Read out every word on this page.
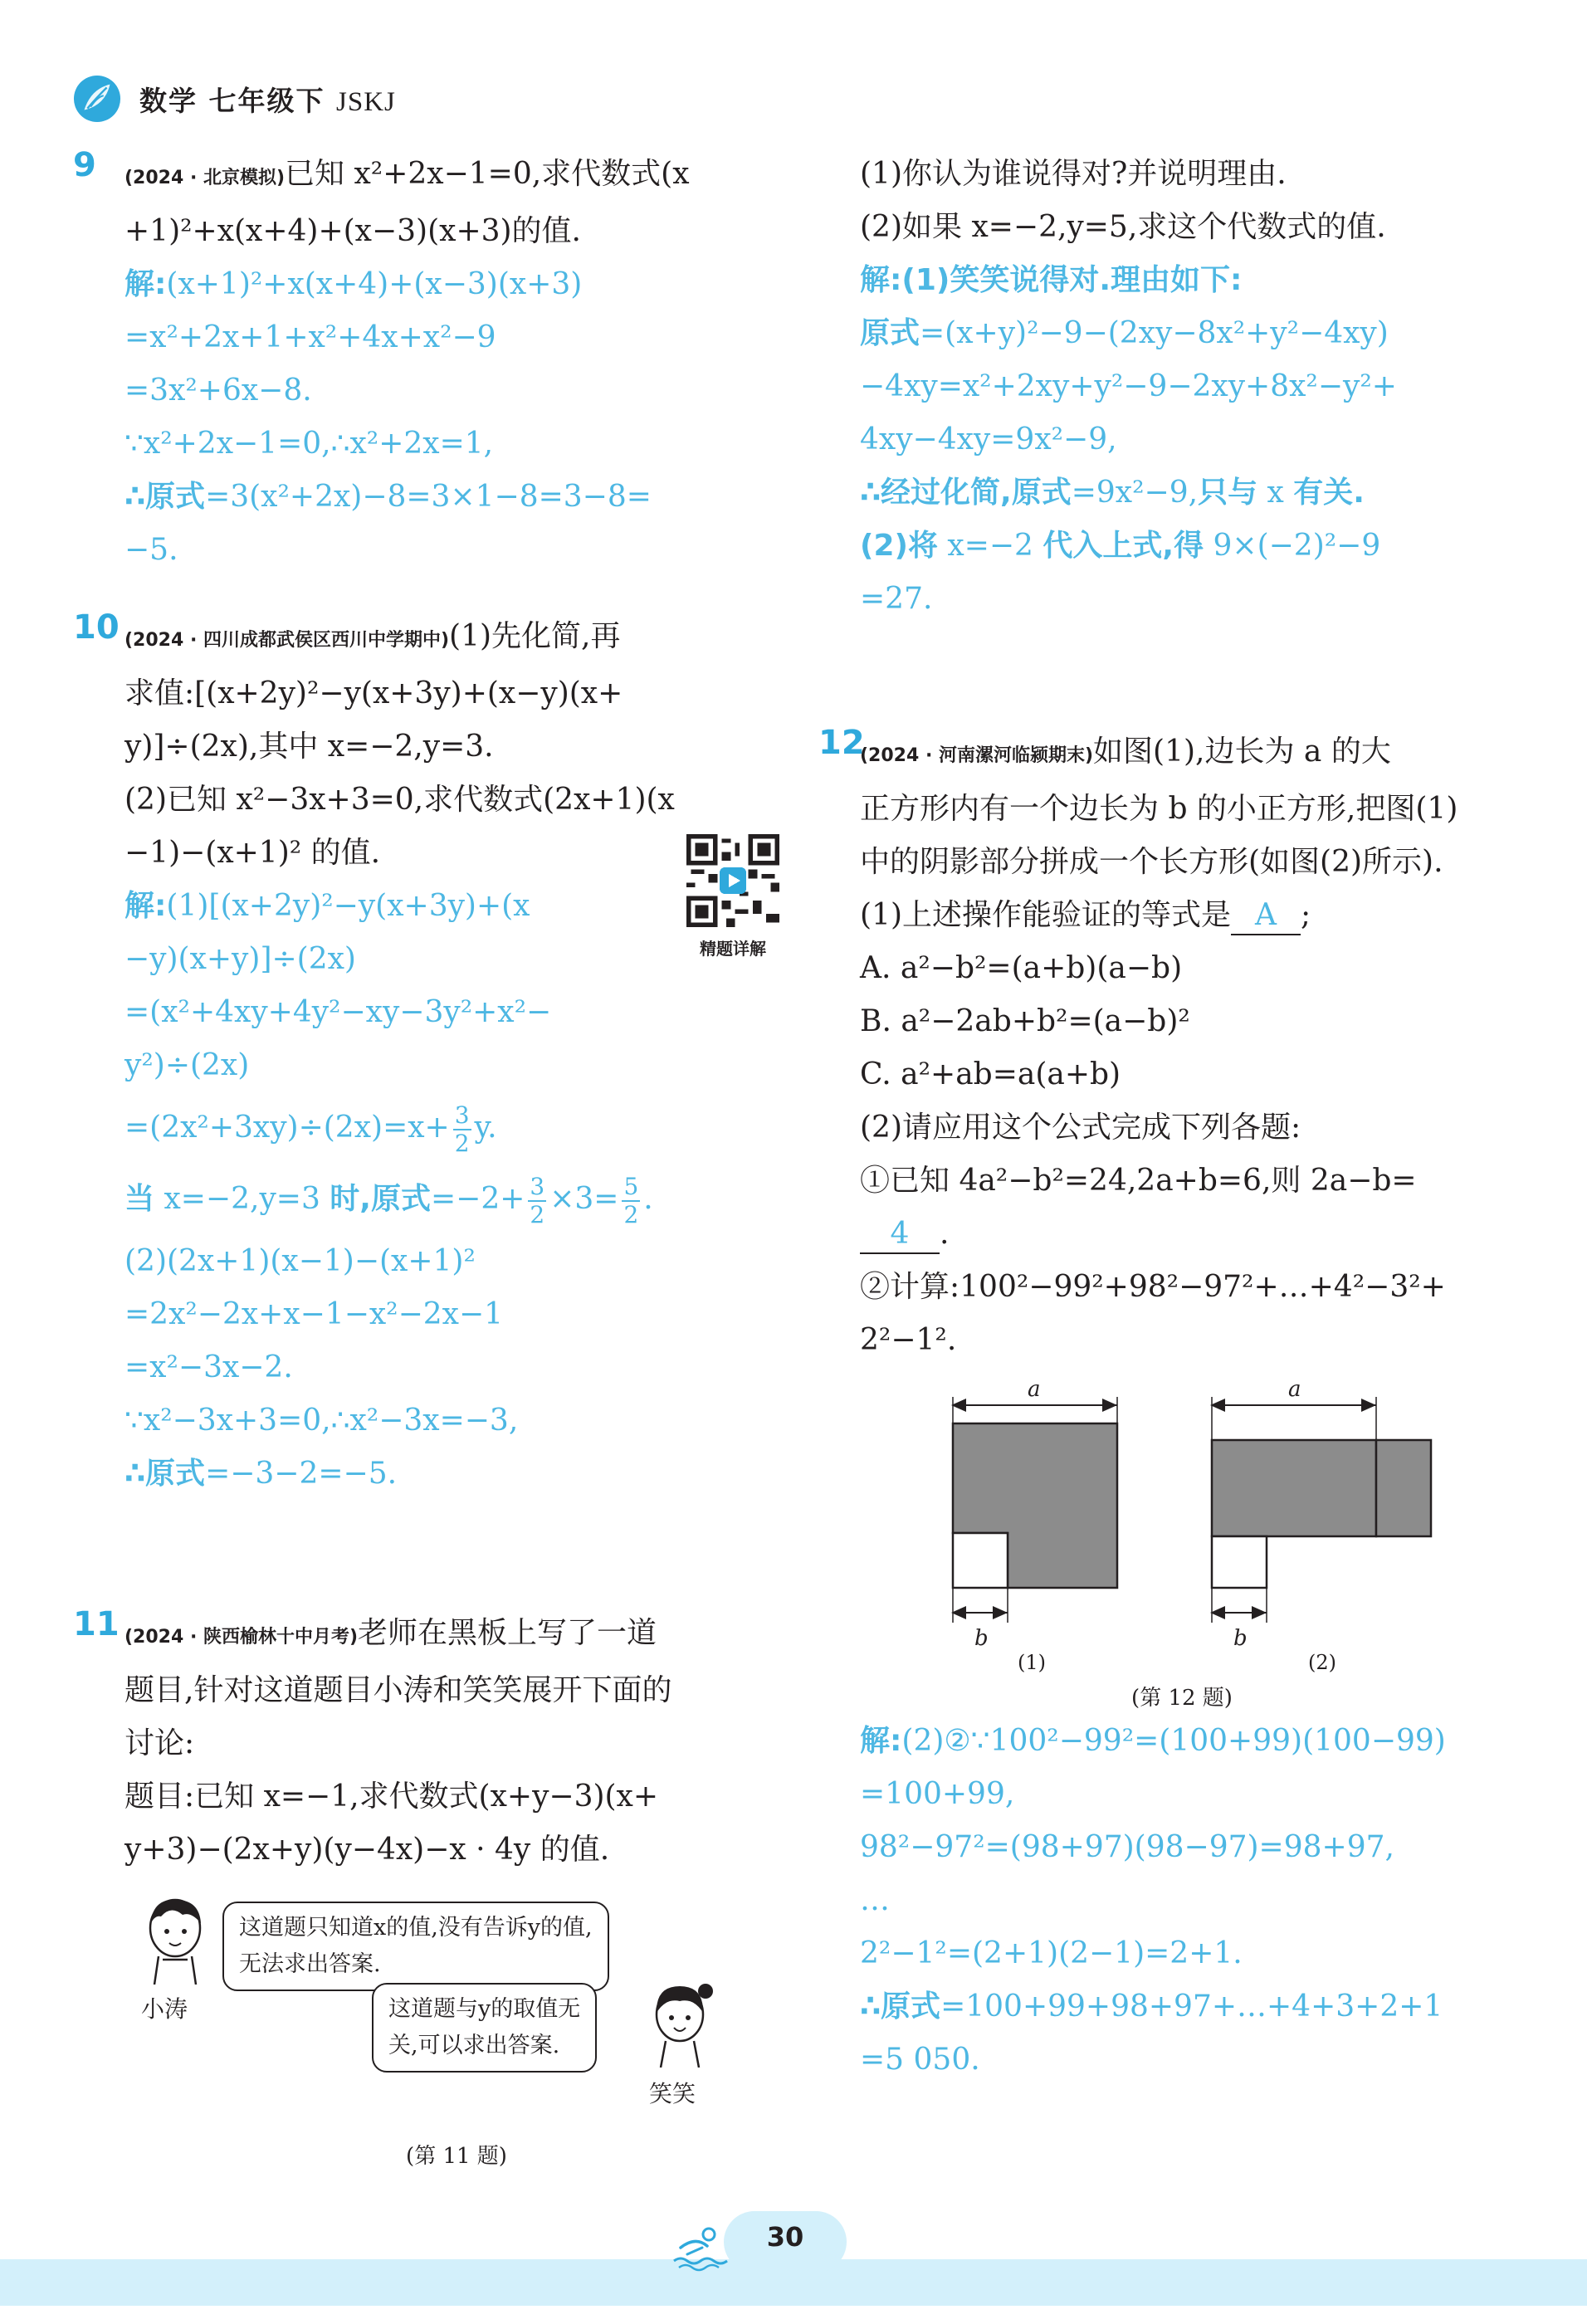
数学 七年级下 JSKJ
9 (2024 · 北京模拟)已知 x²+2x−1=0,求代数式(x
+1)²+x(x+4)+(x−3)(x+3)的值.
解:(x+1)²+x(x+4)+(x−3)(x+3)
=x²+2x+1+x²+4x+x²−9
=3x²+6x−8.
∵x²+2x−1=0,∴x²+2x=1,
∴原式=3(x²+2x)−8=3×1−8=3−8=
−5.
10 (2024 · 四川成都武侯区西川中学期中)(1)先化简,再
求值:[(x+2y)²−y(x+3y)+(x−y)(x+
y)]÷(2x),其中 x=−2,y=3.
(2)已知 x²−3x+3=0,求代数式(2x+1)(x
−1)−(x+1)² 的值.
精题详解
解:(1)[(x+2y)²−y(x+3y)+(x
−y)(x+y)]÷(2x)
=(x²+4xy+4y²−xy−3y²+x²−
y²)÷(2x)
$=(2x^2+3xy)\div(2x)=x+ \frac{3}{2} y$.
当 x=−2,y=3 时,原式$=-2+ \frac{3}{2} \times 3= \frac{5}{2}$ .
(2)(2x+1)(x−1)−(x+1)²
=2x²−2x+x−1−x²−2x−1
=x²−3x−2.
∵x²−3x+3=0,∴x²−3x=−3,
∴原式=−3−2=−5.
11 (2024 · 陕西榆林十中月考)老师在黑板上写了一道
题目,针对这道题目小涛和笑笑展开下面的
讨论:
题目:已知 x=−1,求代数式(x+y−3)(x+
y+3)−(2x+y)(y−4x)−x · 4y 的值.
小涛
这道题只知道x的值,没有告诉y的值,
无法求出答案.
这道题与y的取值无
关,可以求出答案.
笑笑
(第 11 题)
(1)你认为谁说得对?并说明理由.
(2)如果 x=−2,y=5,求这个代数式的值.
解:(1)笑笑说得对.理由如下:
原式=(x+y)²−9−(2xy−8x²+y²−4xy)
−4xy=x²+2xy+y²−9−2xy+8x²−y²+
4xy−4xy=9x²−9,
∴经过化简,原式=9x²−9,只与 x 有关.
(2)将 x=−2 代入上式,得 9×(−2)²−9
=27.
12
(2024 · 河南漯河临颍期末)如图(1),边长为 a 的大
正方形内有一个边长为 b 的小正方形,把图(1)
中的阴影部分拼成一个长方形(如图(2)所示).
(1)上述操作能验证的等式是 A ;
A. a²−b²=(a+b)(a−b)
B. a²−2ab+b²=(a−b)²
C. a²+ab=a(a+b)
(2)请应用这个公式完成下列各题:
①已知 4a²−b²=24,2a+b=6,则 2a−b=
4 .
②计算:100²−99²+98²−97²+…+4²−3²+
2²−1².
a
b
a
b
(1)	(2)
(第 12 题)
解:(2)②∵100²−99²=(100+99)(100−99)
=100+99,
98²−97²=(98+97)(98−97)=98+97,
…
2²−1²=(2+1)(2−1)=2+1.
∴原式=100+99+98+97+…+4+3+2+1
=5 050.
30
